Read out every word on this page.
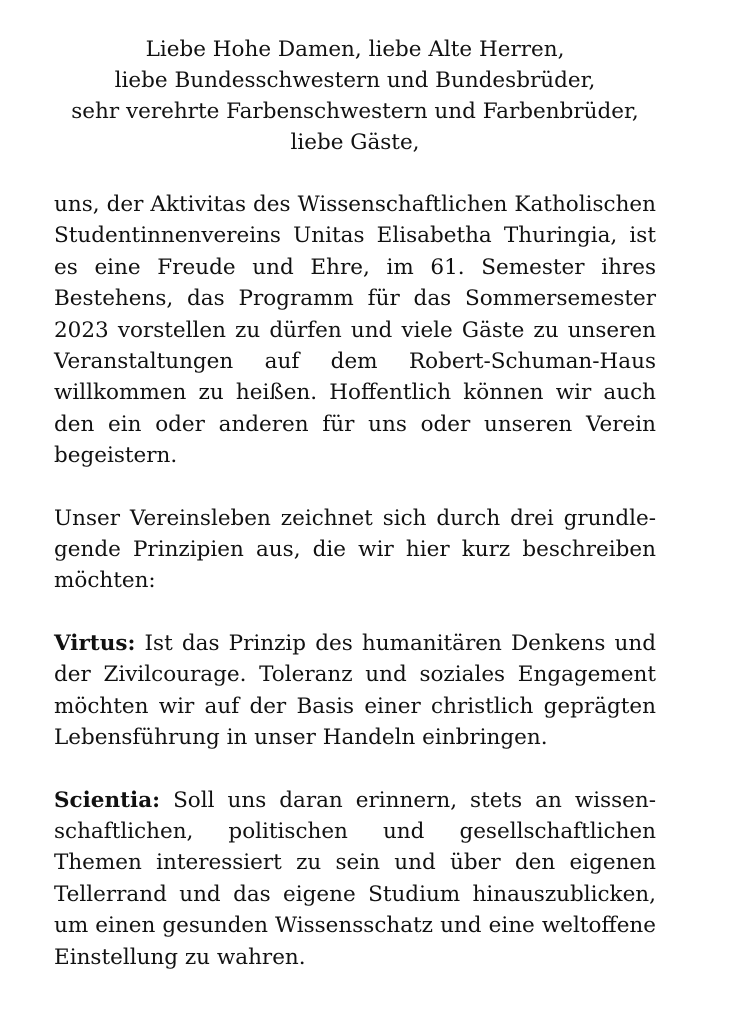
Liebe Hohe Damen, liebe Alte Herren,
liebe Bundesschwestern und Bundesbrüder,
sehr verehrte Farbenschwestern und Farbenbrüder,
liebe Gäste,

uns, der Aktivitas des Wissenschaftlichen Katholischen Studentinnenvereins Unitas Elisabetha Thuringia, ist es eine Freude und Ehre, im 61. Semester ihres Bestehens, das Programm für das Sommersemester 2023 vorstellen zu dürfen und viele Gäste zu unseren Veranstaltungen auf dem Robert-Schuman-Haus willkommen zu heißen. Hoffentlich können wir auch den ein oder anderen für uns oder unseren Verein begeistern.

Unser Vereinsleben zeichnet sich durch drei grundlegende Prinzipien aus, die wir hier kurz beschreiben möchten:

Virtus: Ist das Prinzip des humanitären Denkens und der Zivilcourage. Toleranz und soziales Engagement möchten wir auf der Basis einer christlich geprägten Lebensführung in unser Handeln einbringen.

Scientia: Soll uns daran erinnern, stets an wissenschaftlichen, politischen und gesellschaftlichen Themen interessiert zu sein und über den eigenen Tellerrand und das eigene Studium hinauszublicken, um einen gesunden Wissensschatz und eine weltoffene Einstellung zu wahren.
